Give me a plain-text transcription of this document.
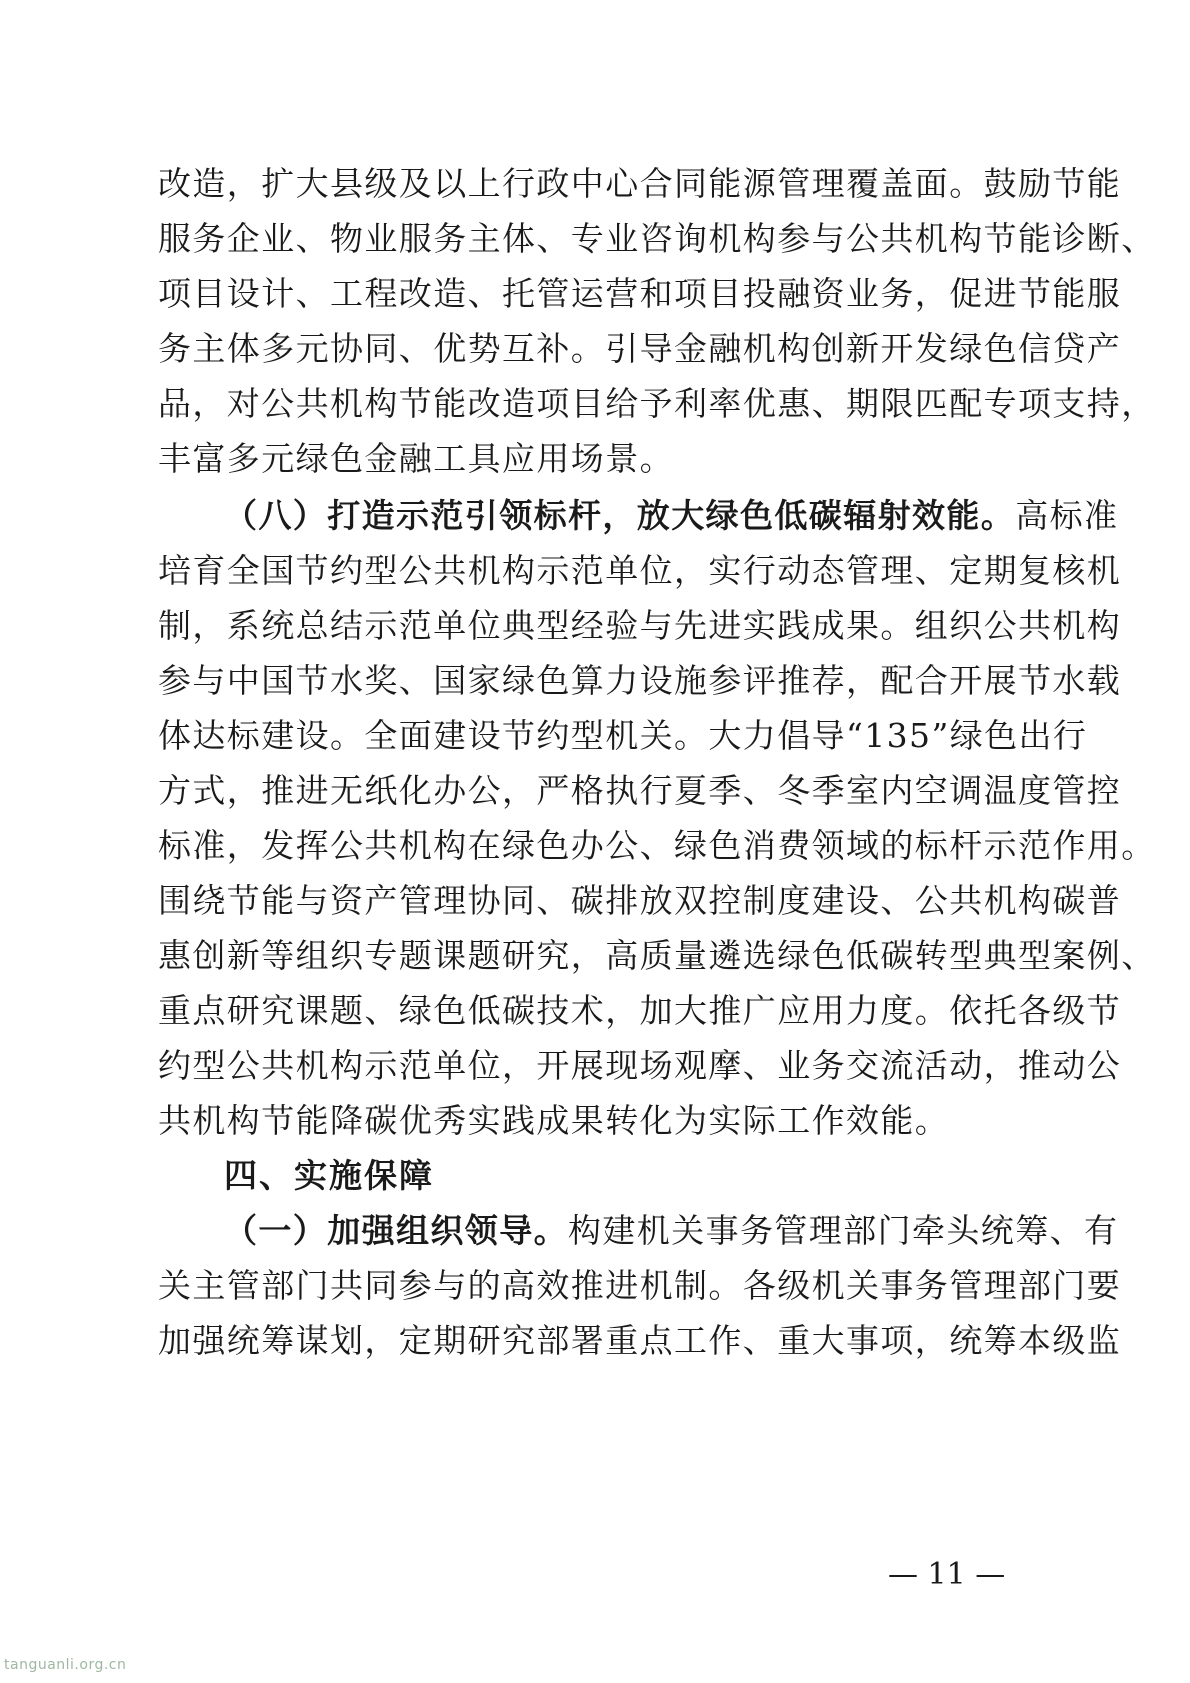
改造，扩大县级及以上行政中心合同能源管理覆盖面。鼓励节能
服务企业、物业服务主体、专业咨询机构参与公共机构节能诊断、
项目设计、工程改造、托管运营和项目投融资业务，促进节能服
务主体多元协同、优势互补。引导金融机构创新开发绿色信贷产
品，对公共机构节能改造项目给予利率优惠、期限匹配专项支持，
丰富多元绿色金融工具应用场景。
（八）打造示范引领标杆，放大绿色低碳辐射效能。高标准
培育全国节约型公共机构示范单位，实行动态管理、定期复核机
制，系统总结示范单位典型经验与先进实践成果。组织公共机构
参与中国节水奖、国家绿色算力设施参评推荐，配合开展节水载
体达标建设。全面建设节约型机关。大力倡导“135”绿色出行
方式，推进无纸化办公，严格执行夏季、冬季室内空调温度管控
标准，发挥公共机构在绿色办公、绿色消费领域的标杆示范作用。
围绕节能与资产管理协同、碳排放双控制度建设、公共机构碳普
惠创新等组织专题课题研究，高质量遴选绿色低碳转型典型案例、
重点研究课题、绿色低碳技术，加大推广应用力度。依托各级节
约型公共机构示范单位，开展现场观摩、业务交流活动，推动公
共机构节能降碳优秀实践成果转化为实际工作效能。
四、实施保障
（一）加强组织领导。构建机关事务管理部门牵头统筹、有
关主管部门共同参与的高效推进机制。各级机关事务管理部门要
加强统筹谋划，定期研究部署重点工作、重大事项，统筹本级监
— 11 —
tanguanli.org.cn
